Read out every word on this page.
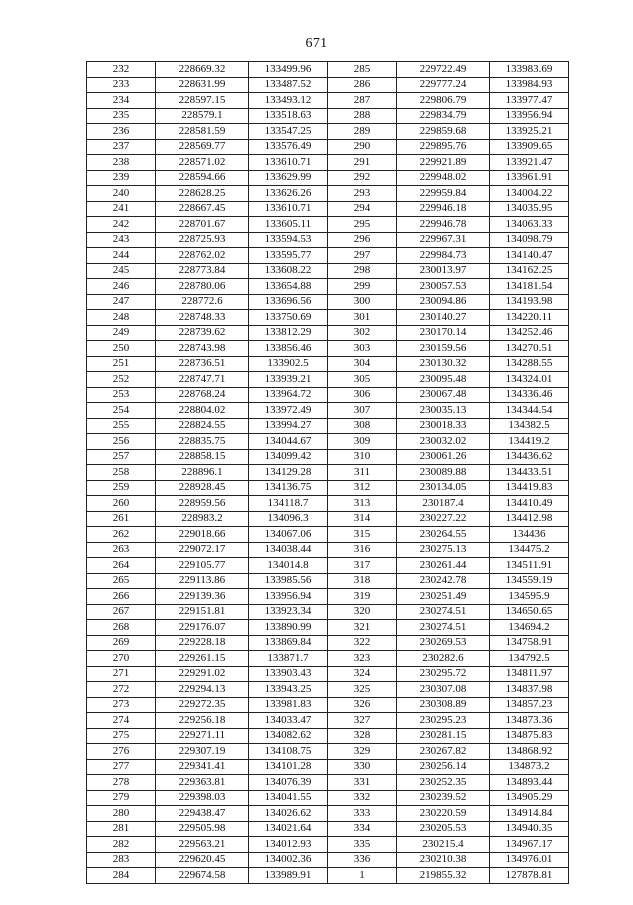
671
232	228669.32	133499.96	285	229722.49	133983.69
233	228631.99	133487.52	286	229777.24	133984.93
234	228597.15	133493.12	287	229806.79	133977.47
235	228579.1	133518.63	288	229834.79	133956.94
236	228581.59	133547.25	289	229859.68	133925.21
237	228569.77	133576.49	290	229895.76	133909.65
238	228571.02	133610.71	291	229921.89	133921.47
239	228594.66	133629.99	292	229948.02	133961.91
240	228628.25	133626.26	293	229959.84	134004.22
241	228667.45	133610.71	294	229946.18	134035.95
242	228701.67	133605.11	295	229946.78	134063.33
243	228725.93	133594.53	296	229967.31	134098.79
244	228762.02	133595.77	297	229984.73	134140.47
245	228773.84	133608.22	298	230013.97	134162.25
246	228780.06	133654.88	299	230057.53	134181.54
247	228772.6	133696.56	300	230094.86	134193.98
248	228748.33	133750.69	301	230140.27	134220.11
249	228739.62	133812.29	302	230170.14	134252.46
250	228743.98	133856.46	303	230159.56	134270.51
251	228736.51	133902.5	304	230130.32	134288.55
252	228747.71	133939.21	305	230095.48	134324.01
253	228768.24	133964.72	306	230067.48	134336.46
254	228804.02	133972.49	307	230035.13	134344.54
255	228824.55	133994.27	308	230018.33	134382.5
256	228835.75	134044.67	309	230032.02	134419.2
257	228858.15	134099.42	310	230061.26	134436.62
258	228896.1	134129.28	311	230089.88	134433.51
259	228928.45	134136.75	312	230134.05	134419.83
260	228959.56	134118.7	313	230187.4	134410.49
261	228983.2	134096.3	314	230227.22	134412.98
262	229018.66	134067.06	315	230264.55	134436
263	229072.17	134038.44	316	230275.13	134475.2
264	229105.77	134014.8	317	230261.44	134511.91
265	229113.86	133985.56	318	230242.78	134559.19
266	229139.36	133956.94	319	230251.49	134595.9
267	229151.81	133923.34	320	230274.51	134650.65
268	229176.07	133890.99	321	230274.51	134694.2
269	229228.18	133869.84	322	230269.53	134758.91
270	229261.15	133871.7	323	230282.6	134792.5
271	229291.02	133903.43	324	230295.72	134811.97
272	229294.13	133943.25	325	230307.08	134837.98
273	229272.35	133981.83	326	230308.89	134857.23
274	229256.18	134033.47	327	230295.23	134873.36
275	229271.11	134082.62	328	230281.15	134875.83
276	229307.19	134108.75	329	230267.82	134868.92
277	229341.41	134101.28	330	230256.14	134873.2
278	229363.81	134076.39	331	230252.35	134893.44
279	229398.03	134041.55	332	230239.52	134905.29
280	229438.47	134026.62	333	230220.59	134914.84
281	229505.98	134021.64	334	230205.53	134940.35
282	229563.21	134012.93	335	230215.4	134967.17
283	229620.45	134002.36	336	230210.38	134976.01
284	229674.58	133989.91	1	219855.32	127878.81
